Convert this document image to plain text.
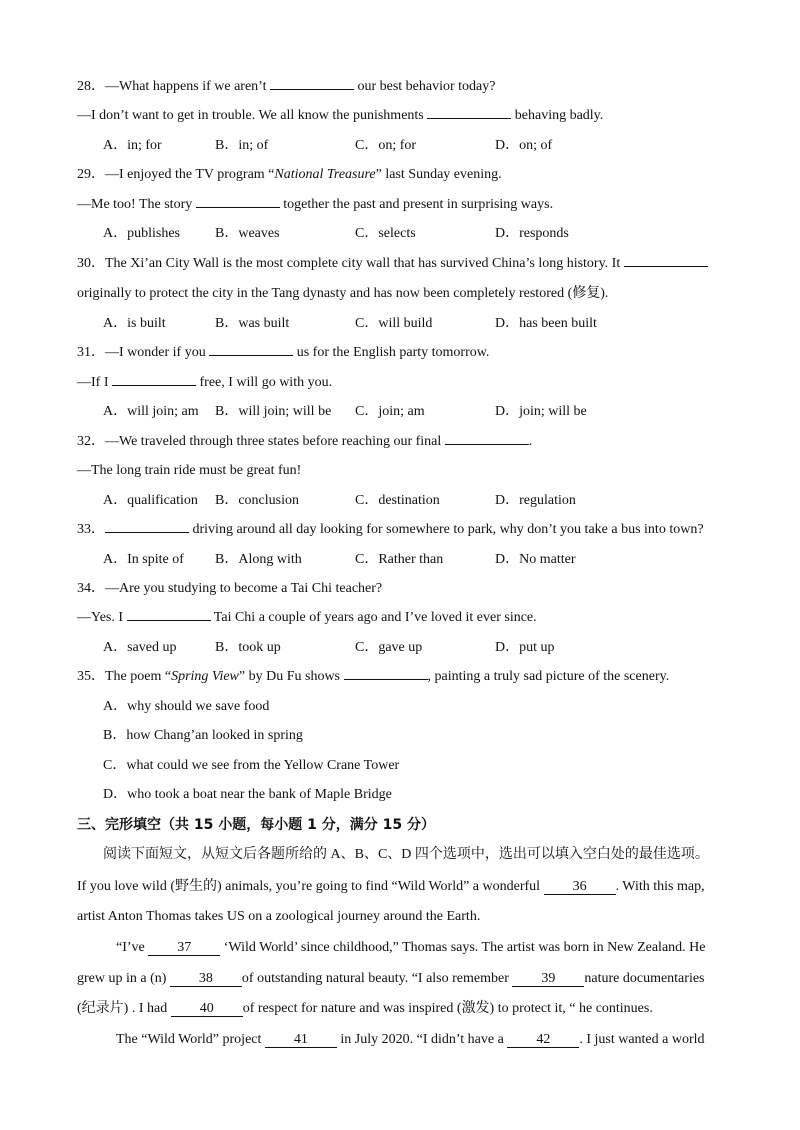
28．—What happens if we aren’t	our best behavior today?
—I don’t want to get in trouble. We all know the punishments	behaving badly.
A．in; for	B．in; of	C．on; for	D．on; of
29．—I enjoyed the TV program “National Treasure” last Sunday evening.
—Me too! The story	together the past and present in surprising ways.
A．publishes	B．weaves	C．selects	D．responds
30．The Xi’an City Wall is the most complete city wall that has survived China’s long history. It
originally to protect the city in the Tang dynasty and has now been completely restored (修复).
A．is built	B．was built	C．will build	D．has been built
31．—I wonder if you	us for the English party tomorrow.
—If I	free, I will go with you.
A．will join; am B．will join; will be C．join; am	D．join; will be
32．—We traveled through three states before reaching our final	.
—The long train ride must be great fun!
A．qualification B．conclusion	C．destination	D．regulation
33．	driving around all day looking for somewhere to park, why don’t you take a bus into town?
A．In spite of B．Along with	C．Rather than	D．No matter
34．—Are you studying to become a Tai Chi teacher?
—Yes. I	Tai Chi a couple of years ago and I’ve loved it ever since.
A．saved up	B．took up	C．gave up	D．put up
35．The poem “Spring View” by Du Fu shows	, painting a truly sad picture of the scenery.
A．why should we save food
B．how Chang’an looked in spring
C．what could we see from the Yellow Crane Tower
D．who took a boat near the bank of Maple Bridge
三、完形填空（共 15 小题，每小题 1 分，满分 15 分）
阅读下面短文，从短文后各题所给的 A、B、C、D 四个选项中，选出可以填入空白处的最佳选项。
If you love wild (野生的) animals, you’re going to find “Wild World” a wonderful 36 . With this map,
artist Anton Thomas takes US on a zoological journey around the Earth.
“I’ve 37 ‘Wild World’ since childhood,” Thomas says. The artist was born in New Zealand. He
grew up in a (n) 38 of outstanding natural beauty. “I also remember 39 nature documentaries
(纪录片) . I had 40 of respect for nature and was inspired (激发) to protect it, “ he continues.
The “Wild World” project 41 in July 2020. “I didn’t have a 42 . I just wanted a world
